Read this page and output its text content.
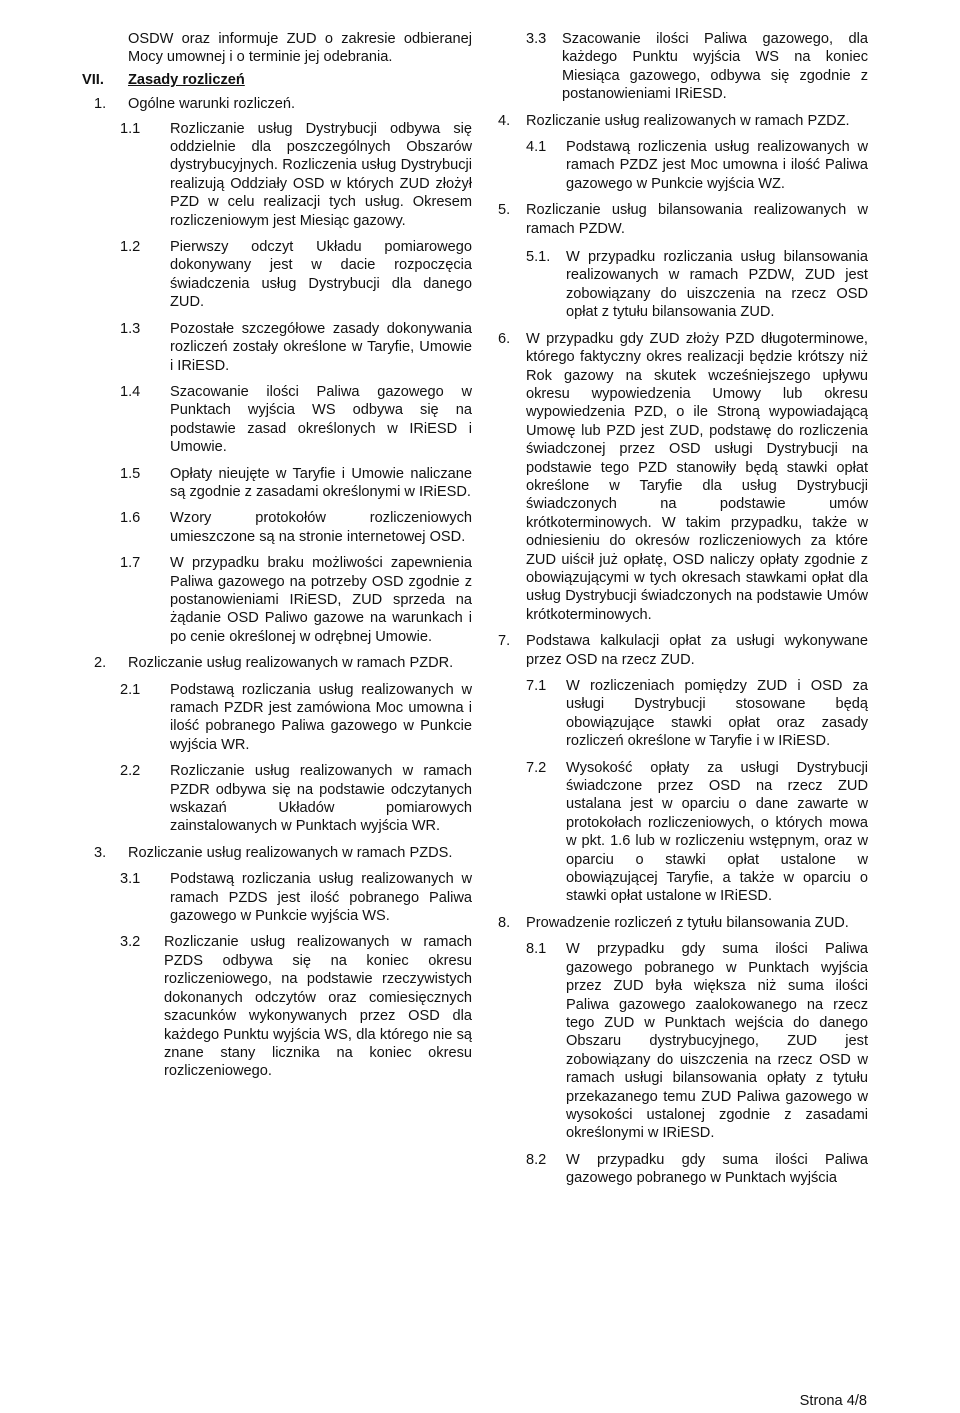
OSDW oraz informuje ZUD o zakresie odbieranej Mocy umownej i o terminie jej odebrania.

VII.	Zasady rozliczeń
1.	Ogólne warunki rozliczeń.
1.1	Rozliczanie usług Dystrybucji odbywa się oddzielnie dla poszczególnych Obszarów dystrybucyjnych. Rozliczenia usług Dystrybucji realizują Oddziały OSD w których ZUD złożył PZD w celu realizacji tych usług. Okresem rozliczeniowym jest Miesiąc gazowy.
1.2	Pierwszy odczyt Układu pomiarowego dokonywany jest w dacie rozpoczęcia świadczenia usług Dystrybucji dla danego ZUD.
1.3	Pozostałe szczegółowe zasady dokonywania rozliczeń zostały określone w Taryfie, Umowie i IRiESD.
1.4	Szacowanie ilości Paliwa gazowego w Punktach wyjścia WS odbywa się na podstawie zasad określonych w IRiESD i Umowie.
1.5	Opłaty nieujęte w Taryfie i Umowie naliczane są zgodnie z zasadami określonymi w IRiESD.
1.6	Wzory protokołów rozliczeniowych umieszczone są na stronie internetowej OSD.
1.7	W przypadku braku możliwości zapewnienia Paliwa gazowego na potrzeby OSD zgodnie z postanowieniami IRiESD, ZUD sprzeda na żądanie OSD Paliwo gazowe na warunkach i po cenie określonej w odrębnej Umowie.
2.	Rozliczanie usług realizowanych w ramach PZDR.
2.1	Podstawą rozliczania usług realizowanych w ramach PZDR jest zamówiona Moc umowna i ilość pobranego Paliwa gazowego w Punkcie wyjścia WR.
2.2	Rozliczanie usług realizowanych w ramach PZDR odbywa się na podstawie odczytanych wskazań Układów pomiarowych zainstalowanych w Punktach wyjścia WR.
3.	Rozliczanie usług realizowanych w ramach PZDS.
3.1	Podstawą rozliczania usług realizowanych w ramach PZDS jest ilość pobranego Paliwa gazowego w Punkcie wyjścia WS.
3.2	Rozliczanie usług realizowanych w ramach PZDS odbywa się na koniec okresu rozliczeniowego, na podstawie rzeczywistych dokonanych odczytów oraz comiesięcznych szacunków wykonywanych przez OSD dla każdego Punktu wyjścia WS, dla którego nie są znane stany licznika na koniec okresu rozliczeniowego.
3.3	Szacowanie ilości Paliwa gazowego, dla każdego Punktu wyjścia WS na koniec Miesiąca gazowego, odbywa się zgodnie z postanowieniami IRiESD.
4.	Rozliczanie usług realizowanych w ramach PZDZ.
4.1	Podstawą rozliczenia usług realizowanych w ramach PZDZ jest Moc umowna i ilość Paliwa gazowego w Punkcie wyjścia WZ.
5.	Rozliczanie usług bilansowania realizowanych w ramach PZDW.
5.1.	W przypadku rozliczania usług bilansowania realizowanych w ramach PZDW, ZUD jest zobowiązany do uiszczenia na rzecz OSD opłat z tytułu bilansowania ZUD.
6.	W przypadku gdy ZUD złoży PZD długoterminowe, którego faktyczny okres realizacji będzie krótszy niż Rok gazowy na skutek wcześniejszego upływu okresu wypowiedzenia Umowy lub okresu wypowiedzenia PZD, o ile Stroną wypowiadającą Umowę lub PZD jest ZUD, podstawę do rozliczenia świadczonej przez OSD usługi Dystrybucji na podstawie tego PZD stanowiły będą stawki opłat określone w Taryfie dla usług Dystrybucji świadczonych na podstawie umów krótkoterminowych. W takim przypadku, także w odniesieniu do okresów rozliczeniowych za które ZUD uiścił już opłatę, OSD naliczy opłaty zgodnie z obowiązującymi w tych okresach stawkami opłat dla usług Dystrybucji świadczonych na podstawie Umów krótkoterminowych.
7.	Podstawa kalkulacji opłat za usługi wykonywane przez OSD na rzecz ZUD.
7.1	W rozliczeniach pomiędzy ZUD i OSD za usługi Dystrybucji stosowane będą obowiązujące stawki opłat oraz zasady rozliczeń określone w Taryfie i w IRiESD.
7.2	Wysokość opłaty za usługi Dystrybucji świadczone przez OSD na rzecz ZUD ustalana jest w oparciu o dane zawarte w protokołach rozliczeniowych, o których mowa w pkt. 1.6 lub w rozliczeniu wstępnym, oraz w oparciu o stawki opłat ustalone w obowiązującej Taryfie, a także w oparciu o stawki opłat ustalone w IRiESD.
8.	Prowadzenie rozliczeń z tytułu bilansowania ZUD.
8.1	W przypadku gdy suma ilości Paliwa gazowego pobranego w Punktach wyjścia przez ZUD była większa niż suma ilości Paliwa gazowego zaalokowanego na rzecz tego ZUD w Punktach wejścia do danego Obszaru dystrybucyjnego, ZUD jest zobowiązany do uiszczenia na rzecz OSD w ramach usługi bilansowania opłaty z tytułu przekazanego temu ZUD Paliwa gazowego w wysokości ustalonej zgodnie z zasadami określonymi w IRiESD.
8.2	W przypadku gdy suma ilości Paliwa gazowego pobranego w Punktach wyjścia
Strona 4/8
